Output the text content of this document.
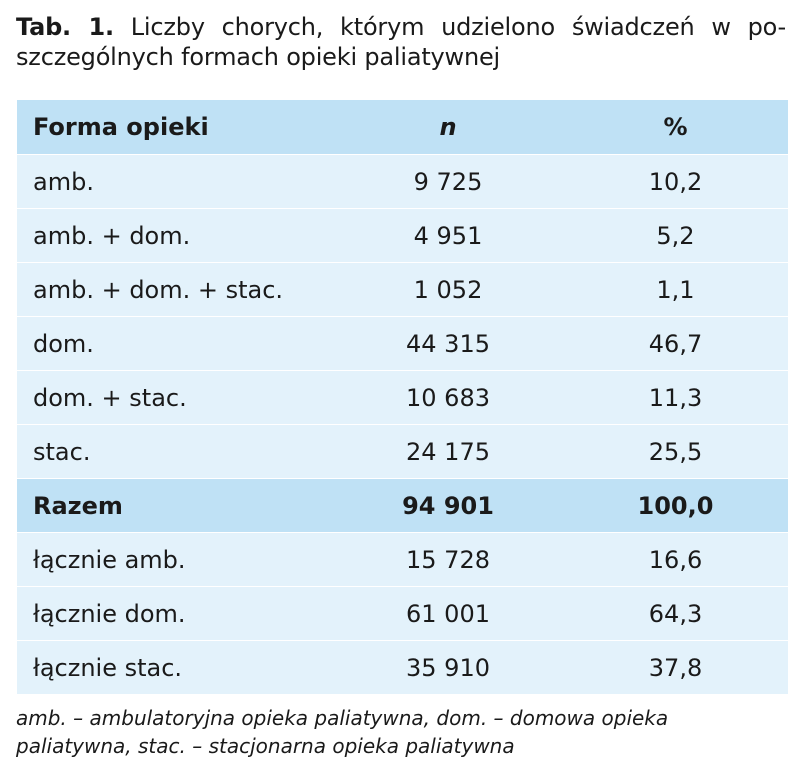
Tab. 1. Liczby chorych, którym udzielono świadczeń w po-
szczególnych formach opieki paliatywnej
Forma opieki	n	%
amb.	9 725	10,2
amb. + dom.	4 951	5,2
amb. + dom. + stac.	1 052	1,1
dom.	44 315	46,7
dom. + stac.	10 683	11,3
stac.	24 175	25,5
Razem	94 901	100,0
łącznie amb.	15 728	16,6
łącznie dom.	61 001	64,3
łącznie stac.	35 910	37,8
amb. – ambulatoryjna opieka paliatywna, dom. – domowa opieka
paliatywna, stac. – stacjonarna opieka paliatywna
